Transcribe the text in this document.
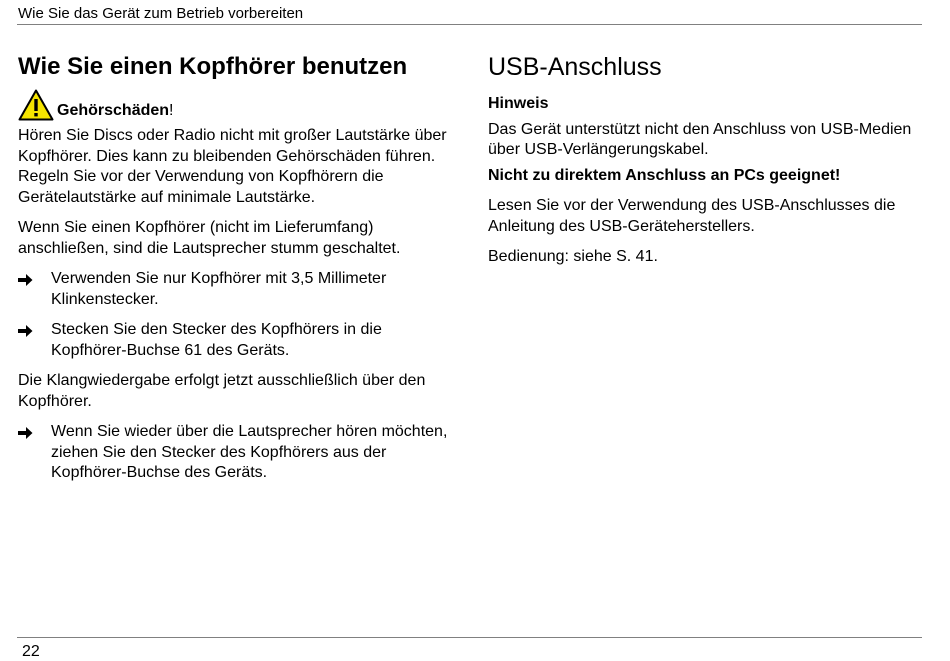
Wie Sie das Gerät zum Betrieb vorbereiten
Wie Sie einen Kopfhörer benutzen
Gehörschäden!

Hören Sie Discs oder Radio nicht mit großer Lautstärke über Kopfhörer. Dies kann zu bleibenden Gehörschäden führen. Regeln Sie vor der Verwendung von Kopfhörern die Gerätelautstärke auf minimale Lautstärke.

Wenn Sie einen Kopfhörer (nicht im Lieferumfang) anschließen, sind die Lautsprecher stumm geschaltet.

Verwenden Sie nur Kopfhörer mit 3,5 Millimeter Klinkenstecker.
Stecken Sie den Stecker des Kopfhörers in die Kopfhörer-Buchse 61 des Geräts.

Die Klangwiedergabe erfolgt jetzt ausschließlich über den Kopfhörer.

Wenn Sie wieder über die Lautsprecher hören möchten, ziehen Sie den Stecker des Kopfhörers aus der Kopfhörer-Buchse des Geräts.
USB-Anschluss

Hinweis

Das Gerät unterstützt nicht den Anschluss von USB-Medien über USB-Verlängerungskabel.

Nicht zu direktem Anschluss an PCs geeignet!

Lesen Sie vor der Verwendung des USB-Anschlusses die Anleitung des USB-Geräteherstellers.

Bedienung: siehe S. 41.

22
